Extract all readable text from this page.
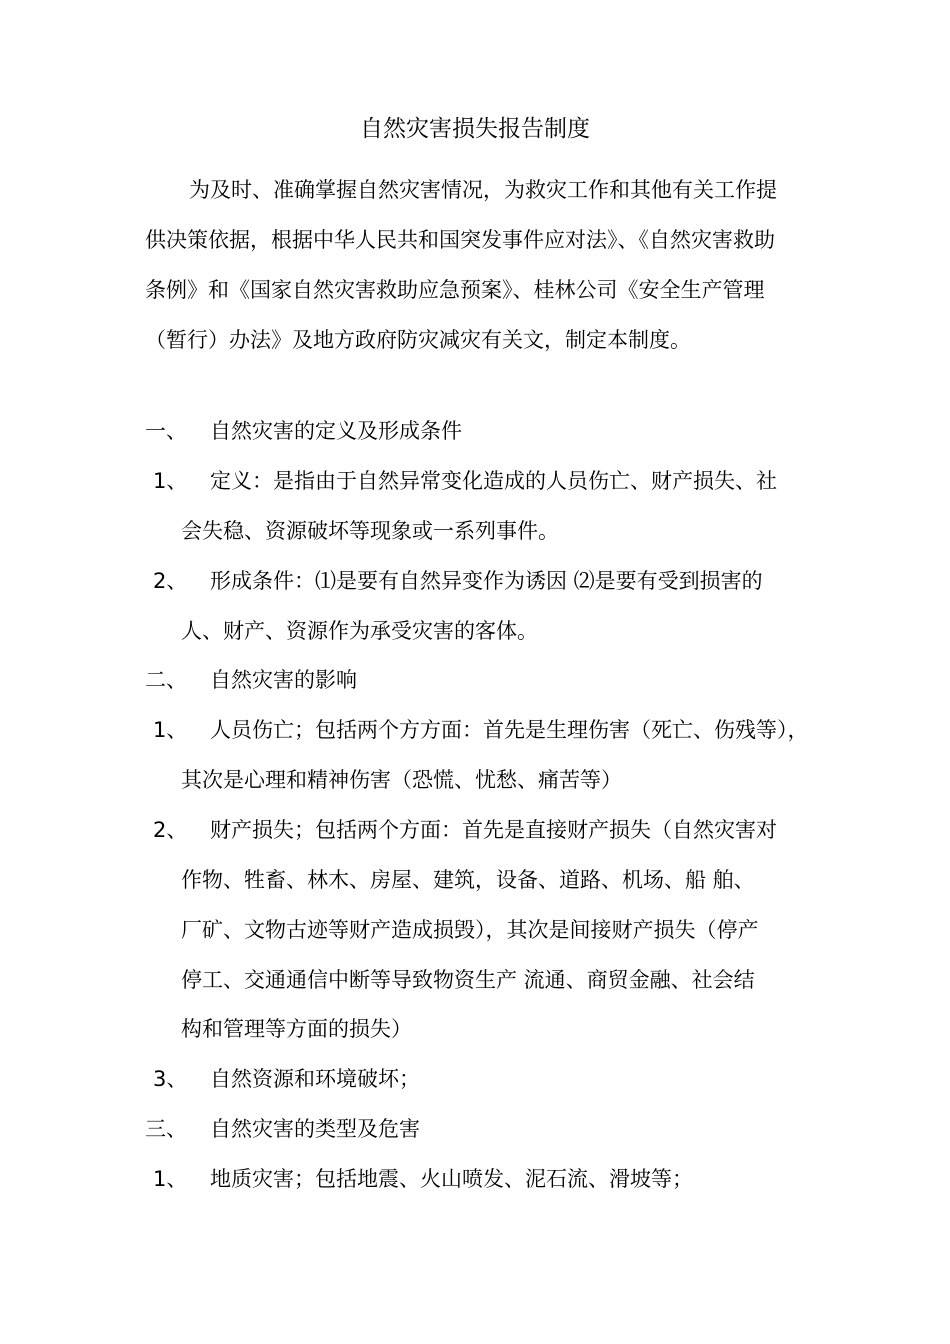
自然灾害损失报告制度
为及时、准确掌握自然灾害情况，为救灾工作和其他有关工作提
供决策依据，根据中华人民共和国突发事件应对法》、《自然灾害救助
条例》和《国家自然灾害救助应急预案》、桂林公司《安全生产管理
（暂行）办法》及地方政府防灾减灾有关文，制定本制度。
一、 自然灾害的定义及形成条件
1、 定义：是指由于自然异常变化造成的人员伤亡、财产损失、社
会失稳、资源破坏等现象或一系列事件。
2、 形成条件：⑴是要有自然异变作为诱因 ⑵是要有受到损害的
人、财产、资源作为承受灾害的客体。
二、 自然灾害的影响
1、 人员伤亡；包括两个方方面：首先是生理伤害（死亡、伤残等），
其次是心理和精神伤害（恐慌、忧愁、痛苦等）
2、 财产损失；包括两个方面：首先是直接财产损失（自然灾害对
作物、牲畜、林木、房屋、建筑，设备、道路、机场、船 舶、
厂矿、文物古迹等财产造成损毁），其次是间接财产损失（停产
停工、交通通信中断等导致物资生产 流通、商贸金融、社会结
构和管理等方面的损失）
3、 自然资源和环境破坏；
三、 自然灾害的类型及危害
1、 地质灾害；包括地震、火山喷发、泥石流、滑坡等；
